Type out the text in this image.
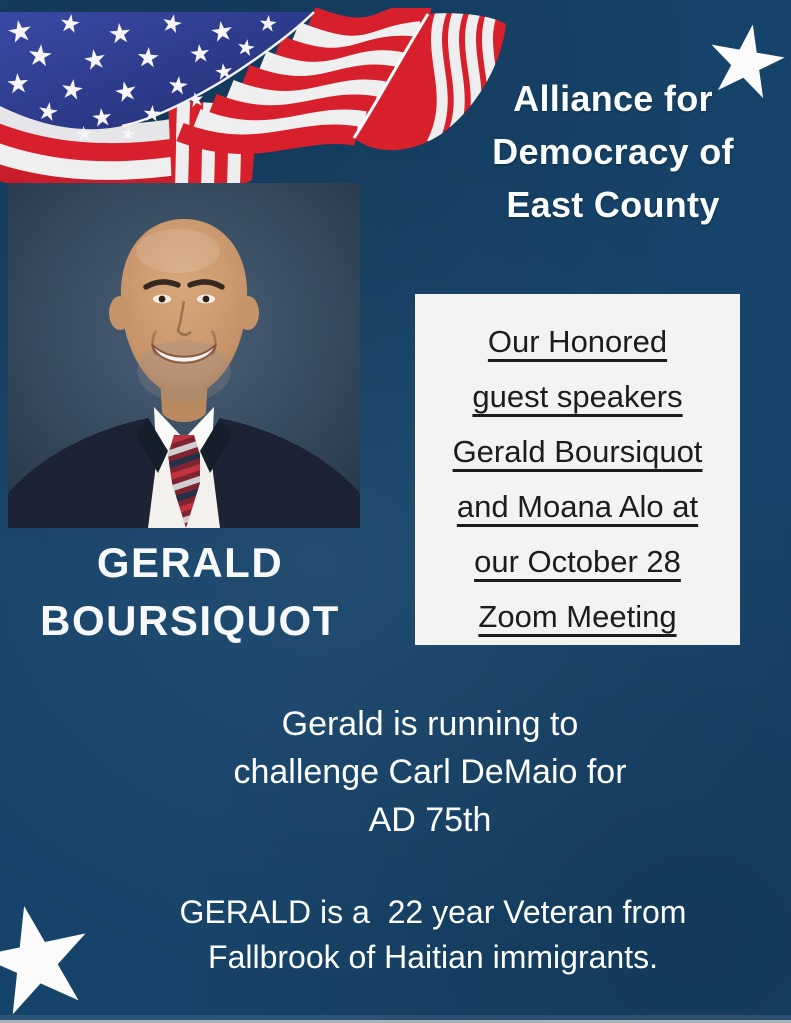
Alliance for
Democracy of
East County
GERALD
BOURSIQUOT
Our Honored
guest speakers
Gerald Boursiquot
and Moana Alo at
our October 28
Zoom Meeting
Gerald is running to
challenge Carl DeMaio for
AD 75th
GERALD is a  22 year Veteran from
Fallbrook of Haitian immigrants.
